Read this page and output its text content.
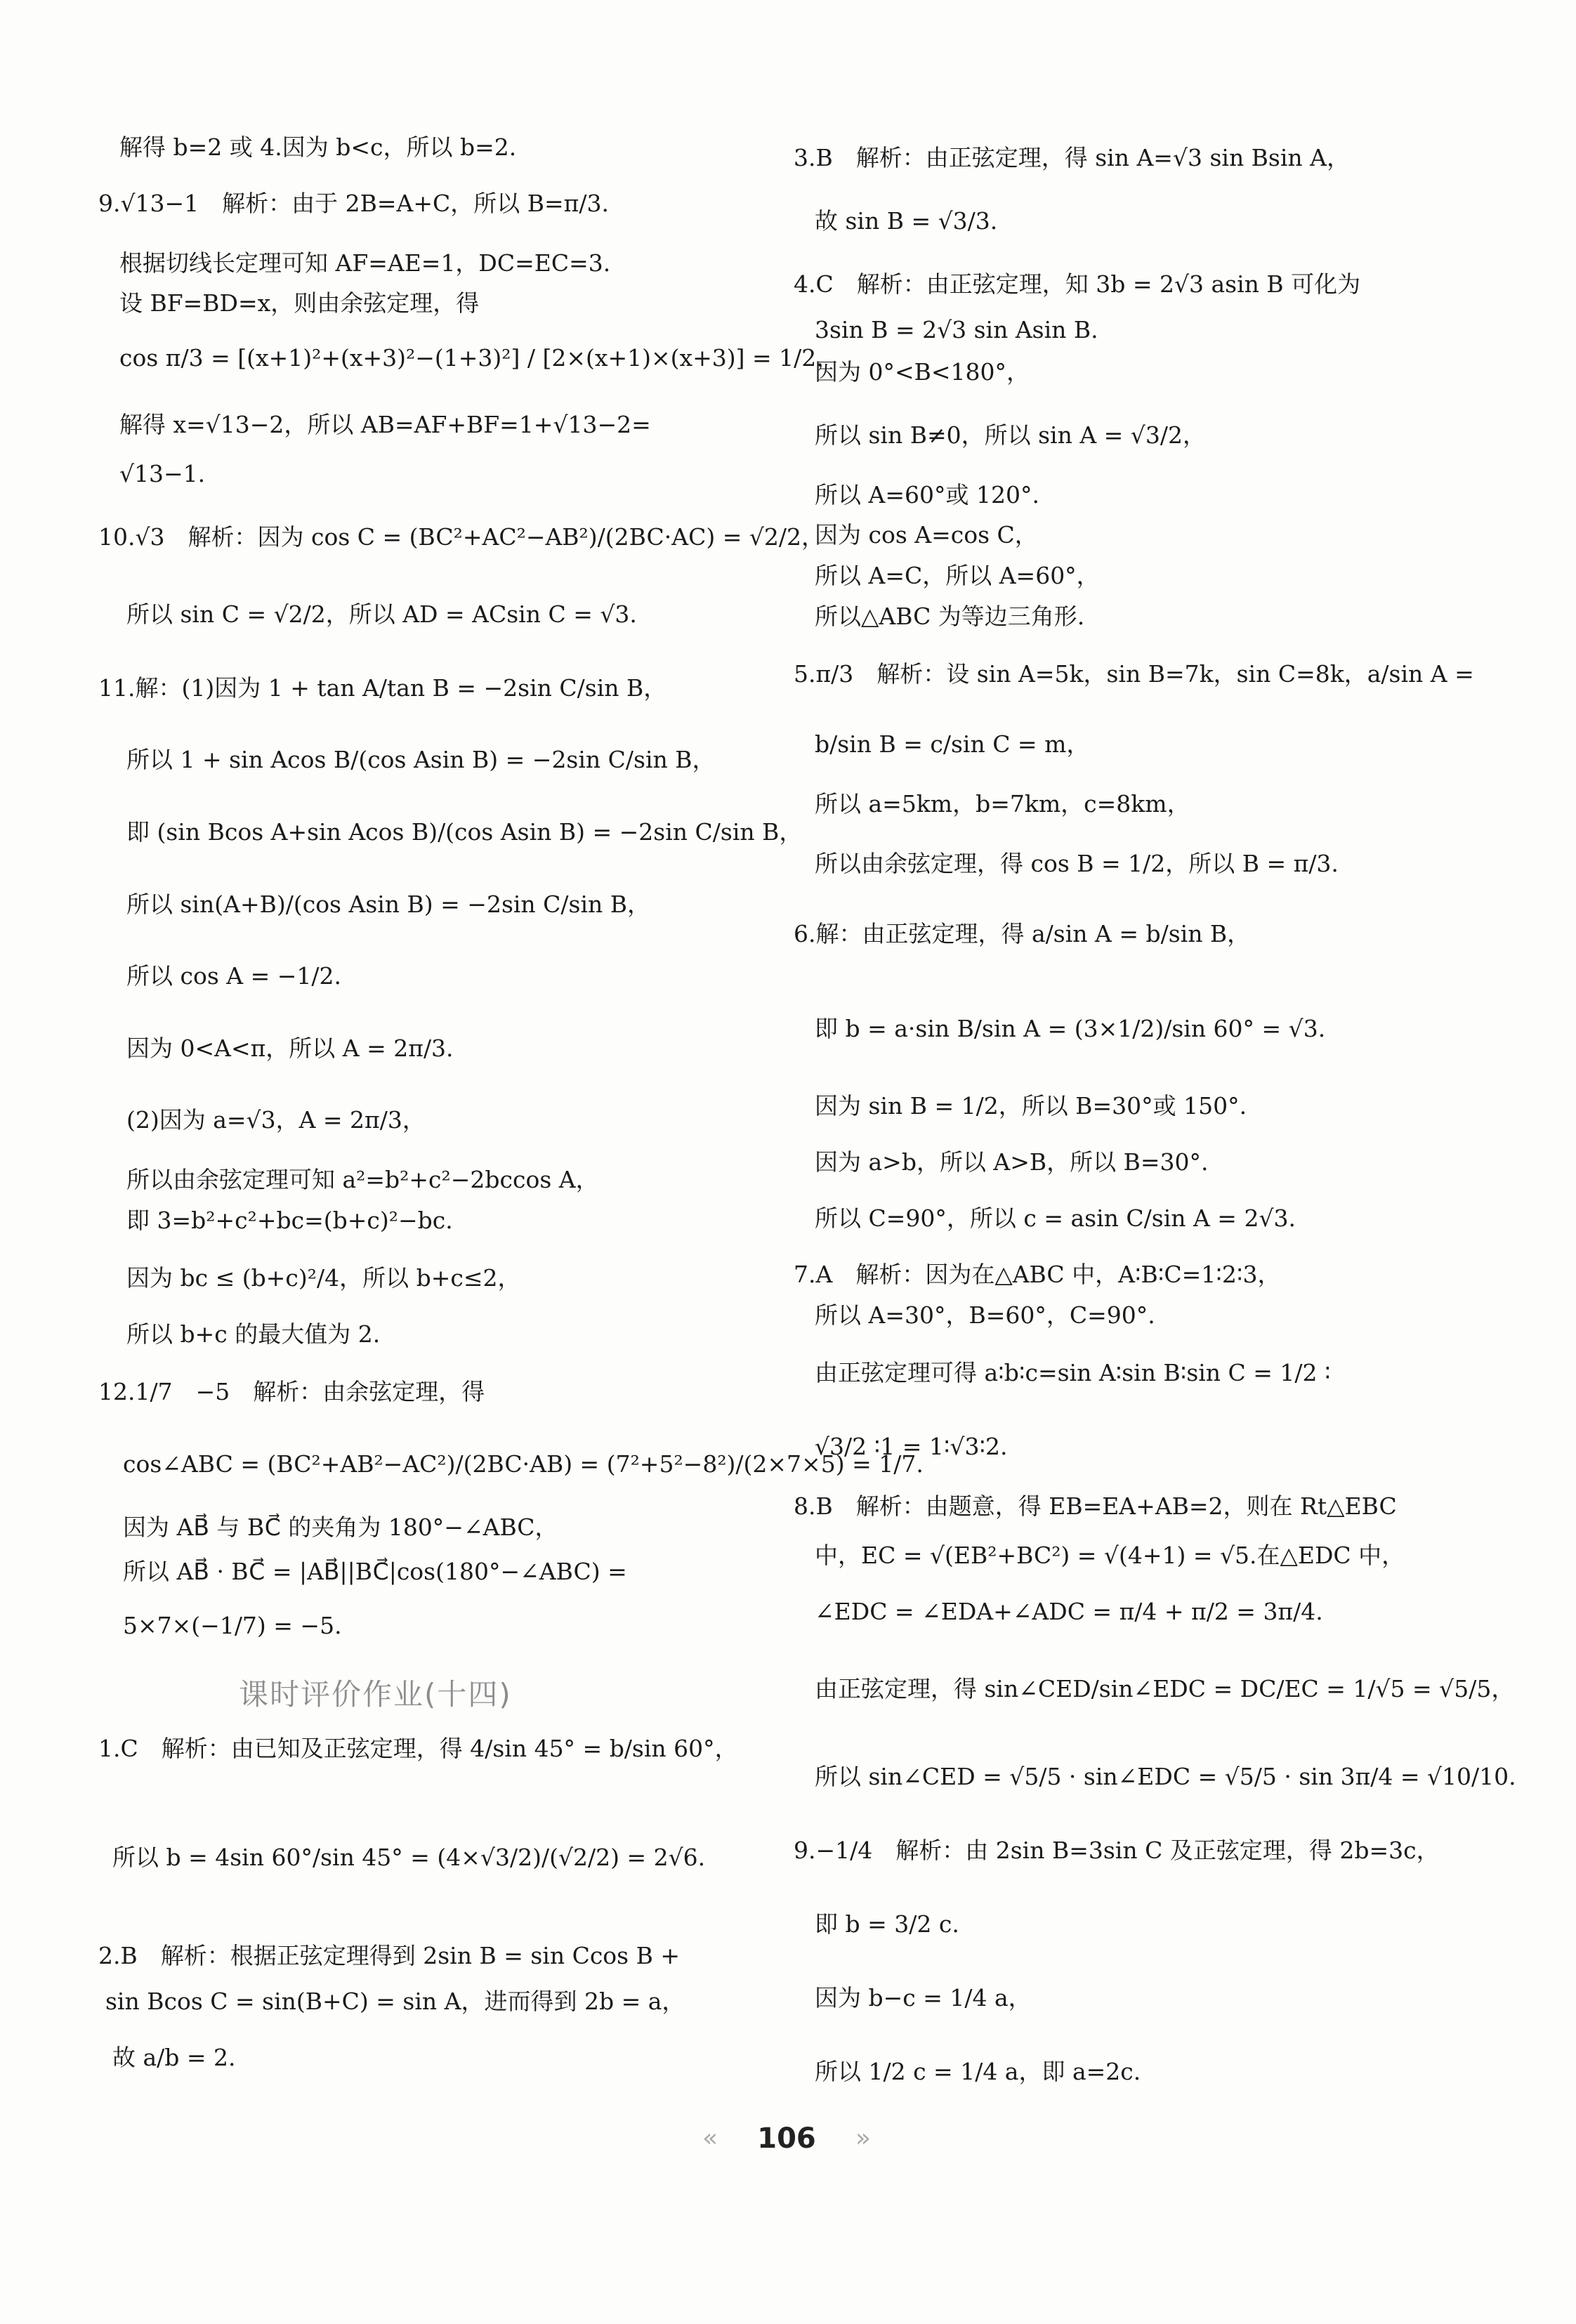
解得 b=2 或 4.因为 b<c，所以 b=2.
9.√13−1　解析：由于 2B=A+C，所以 B=π/3.
根据切线长定理可知 AF=AE=1，DC=EC=3.
设 BF=BD=x，则由余弦定理，得
cos π/3 = [(x+1)²+(x+3)²−(1+3)²] / [2×(x+1)×(x+3)] = 1/2，
解得 x=√13−2，所以 AB=AF+BF=1+√13−2=
√13−1.
10.√3　解析：因为 cos C = (BC²+AC²−AB²)/(2BC·AC) = √2/2，
所以 sin C = √2/2，所以 AD = ACsin C = √3.
11.解：(1)因为 1 + tan A/tan B = −2sin C/sin B，
所以 1 + sin Acos B/(cos Asin B) = −2sin C/sin B，
即 (sin Bcos A+sin Acos B)/(cos Asin B) = −2sin C/sin B，
所以 sin(A+B)/(cos Asin B) = −2sin C/sin B，
所以 cos A = −1/2.
因为 0<A<π，所以 A = 2π/3.
(2)因为 a=√3，A = 2π/3，
所以由余弦定理可知 a²=b²+c²−2bccos A，
即 3=b²+c²+bc=(b+c)²−bc.
因为 bc ≤ (b+c)²/4，所以 b+c≤2，
所以 b+c 的最大值为 2.
12.1/7　−5　解析：由余弦定理，得
cos∠ABC = (BC²+AB²−AC²)/(2BC·AB) = (7²+5²−8²)/(2×7×5) = 1/7.
因为 AB⃗ 与 BC⃗ 的夹角为 180°−∠ABC，
所以 AB⃗ · BC⃗ = |AB⃗||BC⃗|cos(180°−∠ABC) =
5×7×(−1/7) = −5.
1.C　解析：由已知及正弦定理，得 4/sin 45° = b/sin 60°，
所以 b = 4sin 60°/sin 45° = (4×√3/2)/(√2/2) = 2√6.
2.B　解析：根据正弦定理得到 2sin B = sin Ccos B +
sin Bcos C = sin(B+C) = sin A，进而得到 2b = a，
故 a/b = 2.
3.B　解析：由正弦定理，得 sin A=√3 sin Bsin A，
故 sin B = √3/3.
4.C　解析：由正弦定理，知 3b = 2√3 asin B 可化为
3sin B = 2√3 sin Asin B.
因为 0°<B<180°，
所以 sin B≠0，所以 sin A = √3/2，
所以 A=60°或 120°.
因为 cos A=cos C，
所以 A=C，所以 A=60°，
所以△ABC 为等边三角形.
5.π/3　解析：设 sin A=5k，sin B=7k，sin C=8k，a/sin A =
b/sin B = c/sin C = m，
所以 a=5km，b=7km，c=8km，
所以由余弦定理，得 cos B = 1/2，所以 B = π/3.
6.解：由正弦定理，得 a/sin A = b/sin B，
即 b = a·sin B/sin A = (3×1/2)/sin 60° = √3.
因为 sin B = 1/2，所以 B=30°或 150°.
因为 a>b，所以 A>B，所以 B=30°.
所以 C=90°，所以 c = asin C/sin A = 2√3.
7.A　解析：因为在△ABC 中，A∶B∶C=1∶2∶3，
所以 A=30°，B=60°，C=90°.
由正弦定理可得 a∶b∶c=sin A∶sin B∶sin C = 1/2 ∶
√3/2 ∶1 = 1∶√3∶2.
8.B　解析：由题意，得 EB=EA+AB=2，则在 Rt△EBC
中，EC = √(EB²+BC²) = √(4+1) = √5.在△EDC 中，
∠EDC = ∠EDA+∠ADC = π/4 + π/2 = 3π/4.
由正弦定理，得 sin∠CED/sin∠EDC = DC/EC = 1/√5 = √5/5，
所以 sin∠CED = √5/5 · sin∠EDC = √5/5 · sin 3π/4 = √10/10.
9.−1/4　解析：由 2sin B=3sin C 及正弦定理，得 2b=3c，
即 b = 3/2 c.
因为 b−c = 1/4 a，
所以 1/2 c = 1/4 a，即 a=2c.
课时评价作业(十四)
«	106	»
